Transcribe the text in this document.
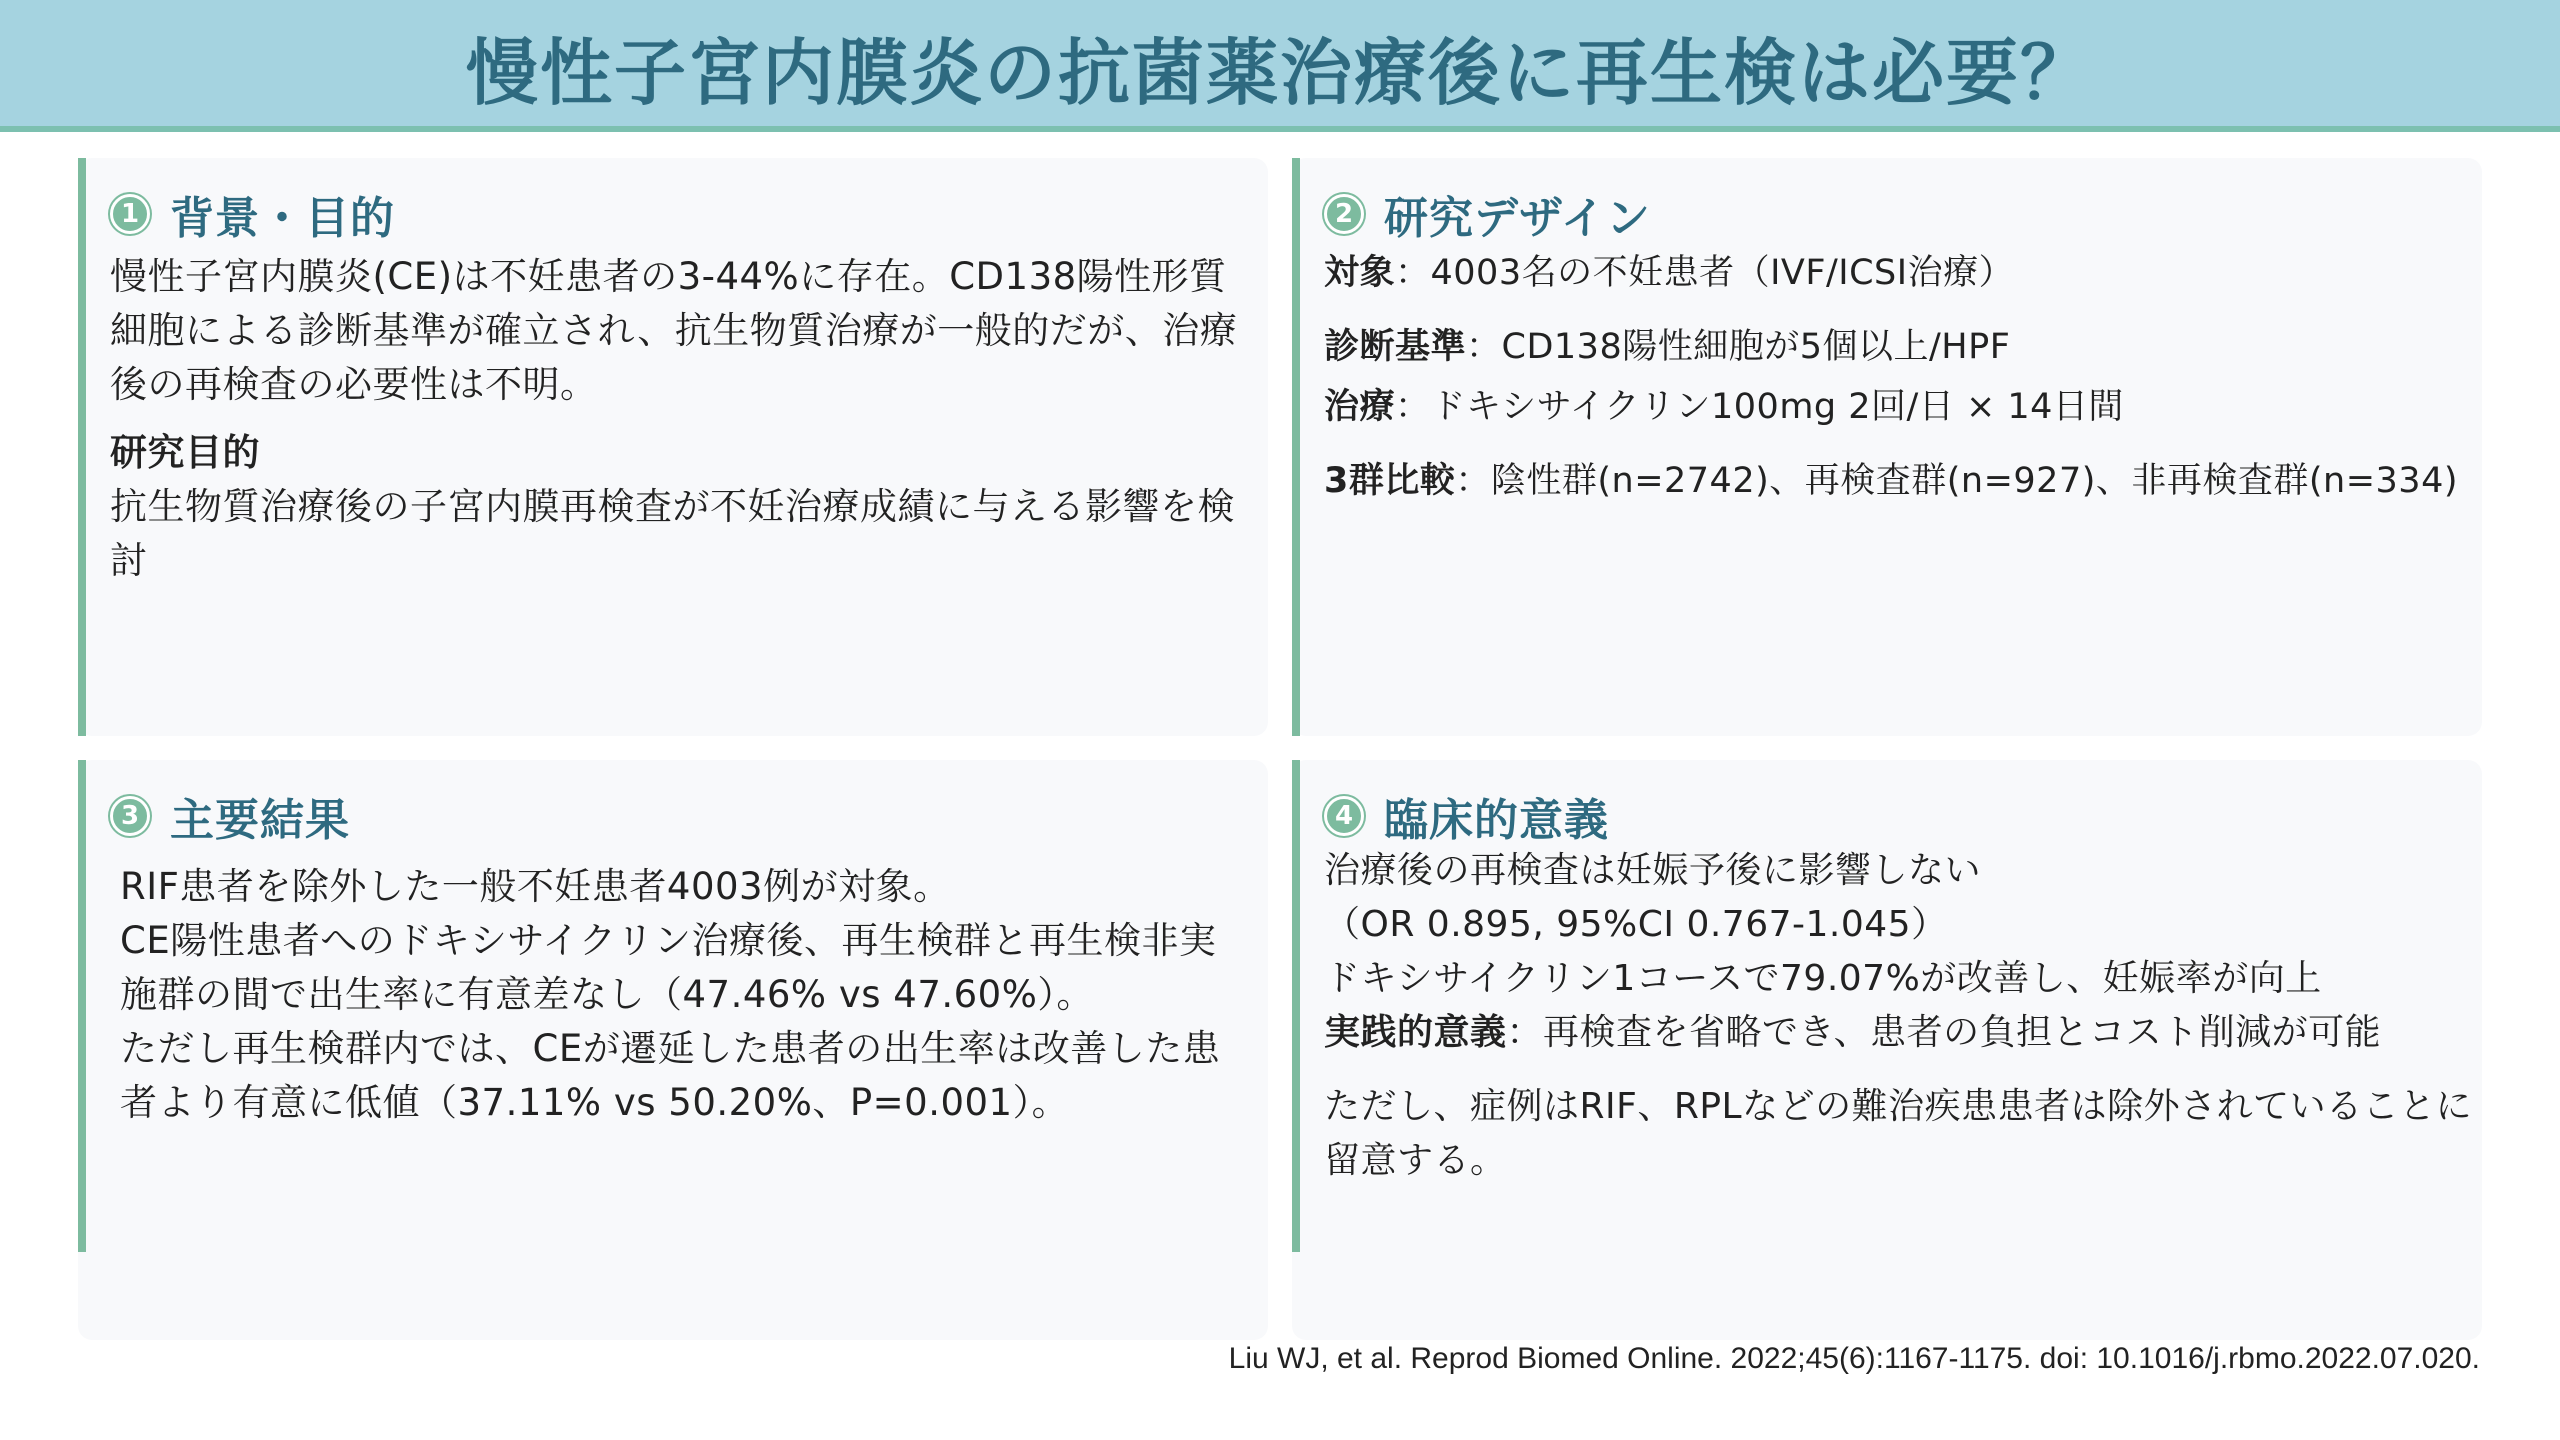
慢性子宮内膜炎の抗菌薬治療後に再生検は必要？
1 背景・目的

慢性子宮内膜炎(CE)は不妊患者の3-44%に存在。CD138陽性形質細胞による診断基準が確立され、抗生物質治療が一般的だが、治療後の再検査の必要性は不明。

研究目的

抗生物質治療後の子宮内膜再検査が不妊治療成績に与える影響を検討

2 研究デザイン

対象：4003名の不妊患者（IVF/ICSI治療）

診断基準：CD138陽性細胞が5個以上/HPF

治療：ドキシサイクリン100mg 2回/日 × 14日間

3群比較：陰性群(n=2742)、再検査群(n=927)、非再検査群(n=334)

3 主要結果

RIF患者を除外した一般不妊患者4003例が対象。

CE陽性患者へのドキシサイクリン治療後、再生検群と再生検非実施群の間で出生率に有意差なし（47.46% vs 47.60%）。

ただし再生検群内では、CEが遷延した患者の出生率は改善した患者より有意に低値（37.11% vs 50.20%、P=0.001）。

4 臨床的意義

治療後の再検査は妊娠予後に影響しない

（OR 0.895, 95%CI 0.767-1.045）

ドキシサイクリン1コースで79.07%が改善し、妊娠率が向上

実践的意義：再検査を省略でき、患者の負担とコスト削減が可能

ただし、症例はRIF、RPLなどの難治疾患患者は除外されていることに留意する。

Liu WJ, et al. Reprod Biomed Online. 2022;45(6):1167-1175. doi: 10.1016/j.rbmo.2022.07.020.
